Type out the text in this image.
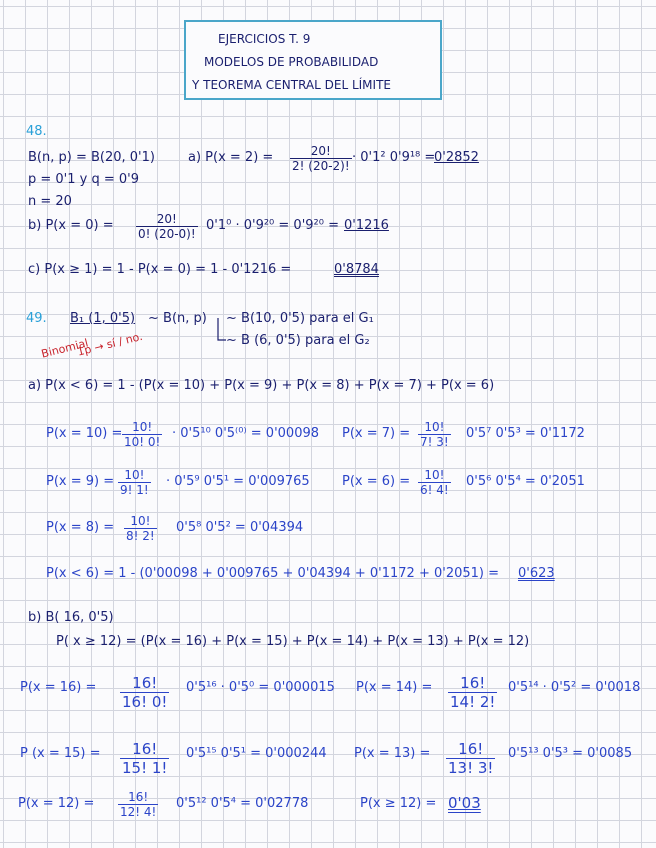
EJERCICIOS T. 9
MODELOS DE PROBABILIDAD
Y TEOREMA CENTRAL DEL LÍMITE
48.
B(n, p) = B(20, 0'1)	a) $P(x = 2) = \frac{20!}{2! (20-2)!} \cdot 0'1^2$ 0'9¹⁸ =
0'2852
p = 0'1 y q = 0'9
n = 20
b) $P(x = 0) = \frac{20!}{0! (20-0)!} 0'1^0 \cdot 0'9^{20} = 0'9^{20} = 0'1216$
c) P(x ≥ 1) = 1 - P(x = 0) = 1 - 0'1216 =	0'8784
49. B₁ (1, 0'5) ~ B(n, p) ~ B(10, 0'5) para el G₁
~ B (6, 0'5) para el G₂
Binomial
1p → sí / no.
a) P(x < 6) = 1 - (P(x = 10) + P(x = 9) + P(x = 8) + P(x = 7) + P(x = 6)
$P(x = 10) = \frac{10!}{10! 0!} \cdot 0'5^{10}$ 0'5⁽⁰⁾ = 0'00098 $P(x = 7) = \frac{10!}{7! 3!} 0'5^7$ 0'5³ = 0'1172
$P(x = 9) = \frac{10!}{9! 1!} \cdot 0'5^9$ 0'5¹ = 0'009765 $P(x = 6) = \frac{10!}{6! 4!} 0'5^6$ 0'5⁴ = 0'2051
$P(x = 8) = \frac{10!}{8! 2!} 0'5^8$ 0'5² = 0'04394
P(x < 6) = 1 - (0'00098 + 0'009765 + 0'04394 + 0'1172 + 0'2051) = 0'623
b) B( 16, 0'5)
P( x ≥ 12) = (P(x = 16) + P(x = 15) + P(x = 14) + P(x = 13) + P(x = 12)
$P(x = 16) = \frac{16!}{16! 0!} 0'5^{16} \cdot 0'5^0 = 0'000015$ $P(x = 14) = \frac{16!}{14! 2!} 0'5^{14} \cdot 0'5^2 = 0'0018$
P $(x = 15) = \frac{16!}{15! 1!} 0'5^{15}$ 0'5¹ = 0'000244 $P(x = 13) = \frac{16!}{13! 3!} 0'5^{13}$ 0'5³ = 0'0085
$P(x = 12) = \frac{16!}{12! 4!} 0'5^{12}$ 0'5⁴ = 0'02778	P(x ≥ 12) = 0'03
